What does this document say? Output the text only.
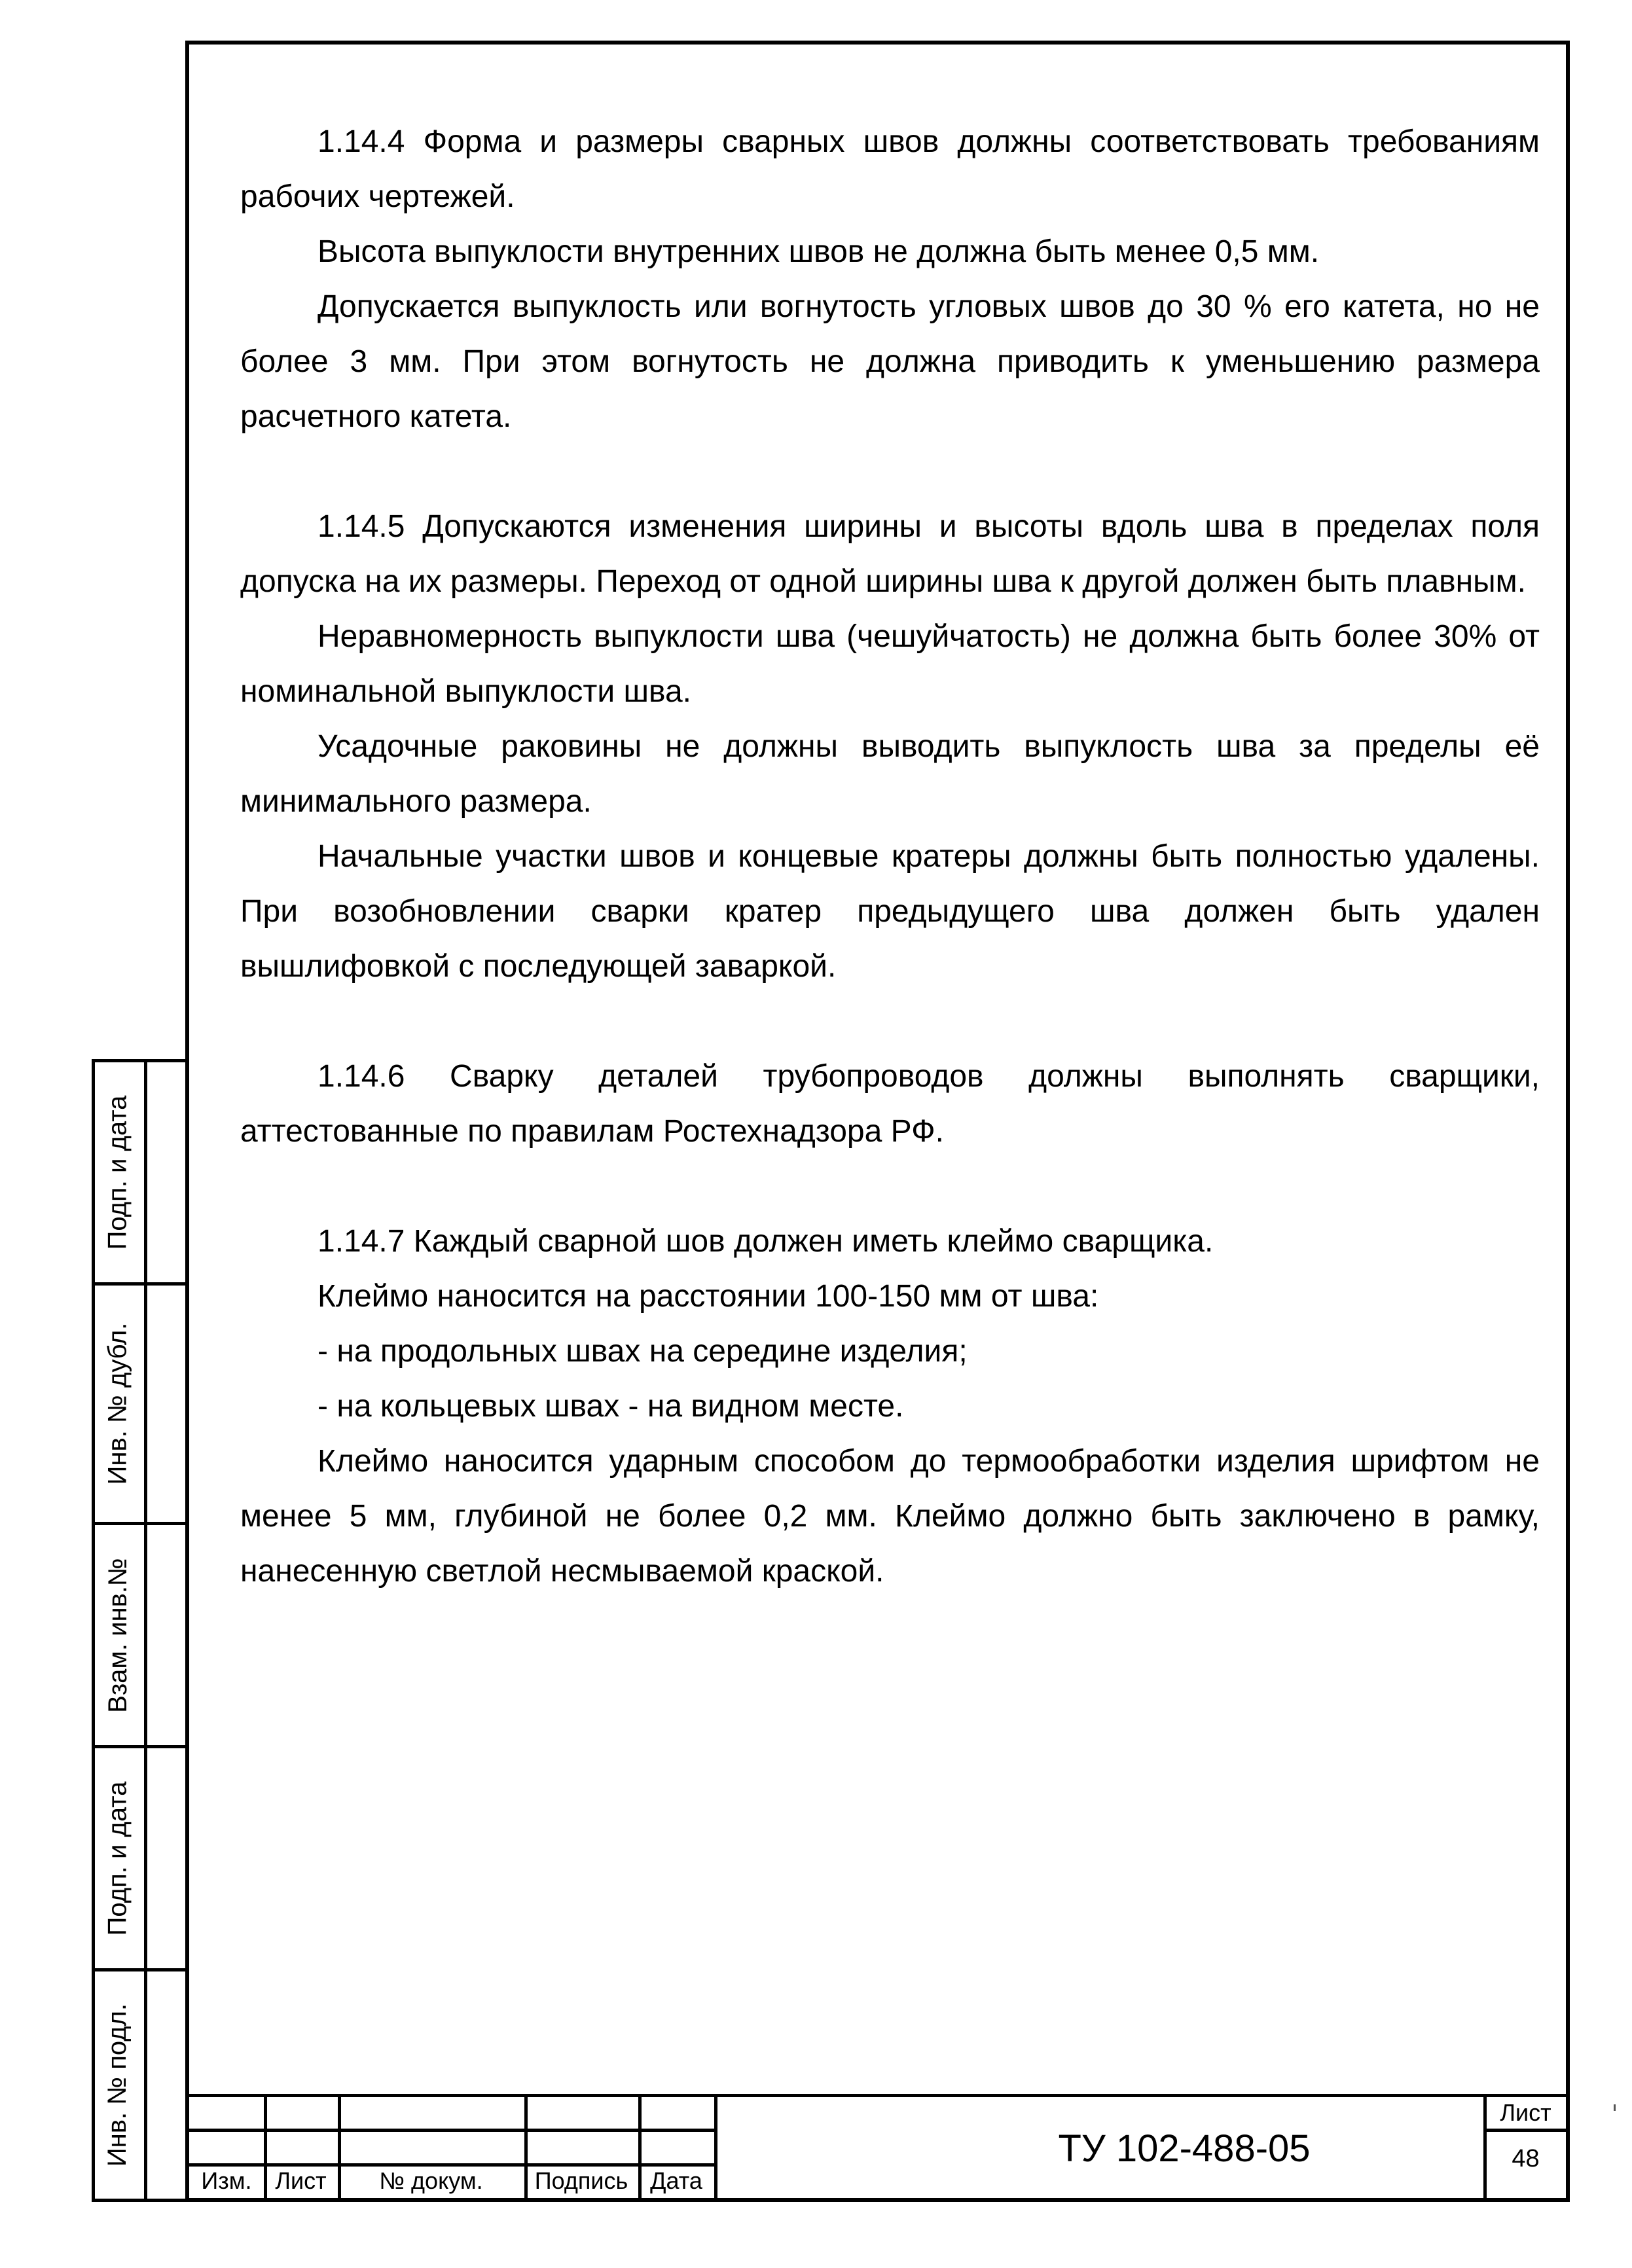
1.14.4 Форма и размеры сварных швов должны соответствовать требованиям рабочих чертежей.

Высота выпуклости внутренних швов не должна быть менее 0,5 мм.

Допускается выпуклость или вогнутость угловых швов до 30 % его катета, но не более 3 мм. При этом вогнутость не должна приводить к уменьшению размера расчетного катета.

1.14.5 Допускаются изменения ширины и высоты вдоль шва в пределах поля допуска на их размеры. Переход от одной ширины шва к другой должен быть плавным.

Неравномерность выпуклости шва (чешуйчатость) не должна быть более 30% от номинальной выпуклости шва.

Усадочные раковины не должны выводить выпуклость шва за пределы её минимального размера.

Начальные участки швов и концевые кратеры должны быть полностью удалены. При возобновлении сварки кратер предыдущего шва должен быть удален вышлифовкой с последующей заваркой.

1.14.6 Сварку деталей трубопроводов должны выполнять сварщики, аттестованные по правилам Ростехнадзора РФ.

1.14.7 Каждый сварной шов должен иметь клеймо сварщика.

Клеймо наносится на расстоянии 100-150 мм от шва:

- на продольных швах на середине изделия;

- на кольцевых швах - на видном месте.

Клеймо наносится ударным способом до термообработки изделия шрифтом не менее 5 мм, глубиной не более 0,2 мм. Клеймо должно быть заключено в рамку, нанесенную светлой несмываемой краской.

Подп. и дата
Инв. № дубл.
Взам. инв.№
Подп. и дата
Инв. № подл.
Изм. Лист	№ докум.	Подпись Дата
ТУ 102-488-05
Лист
48
